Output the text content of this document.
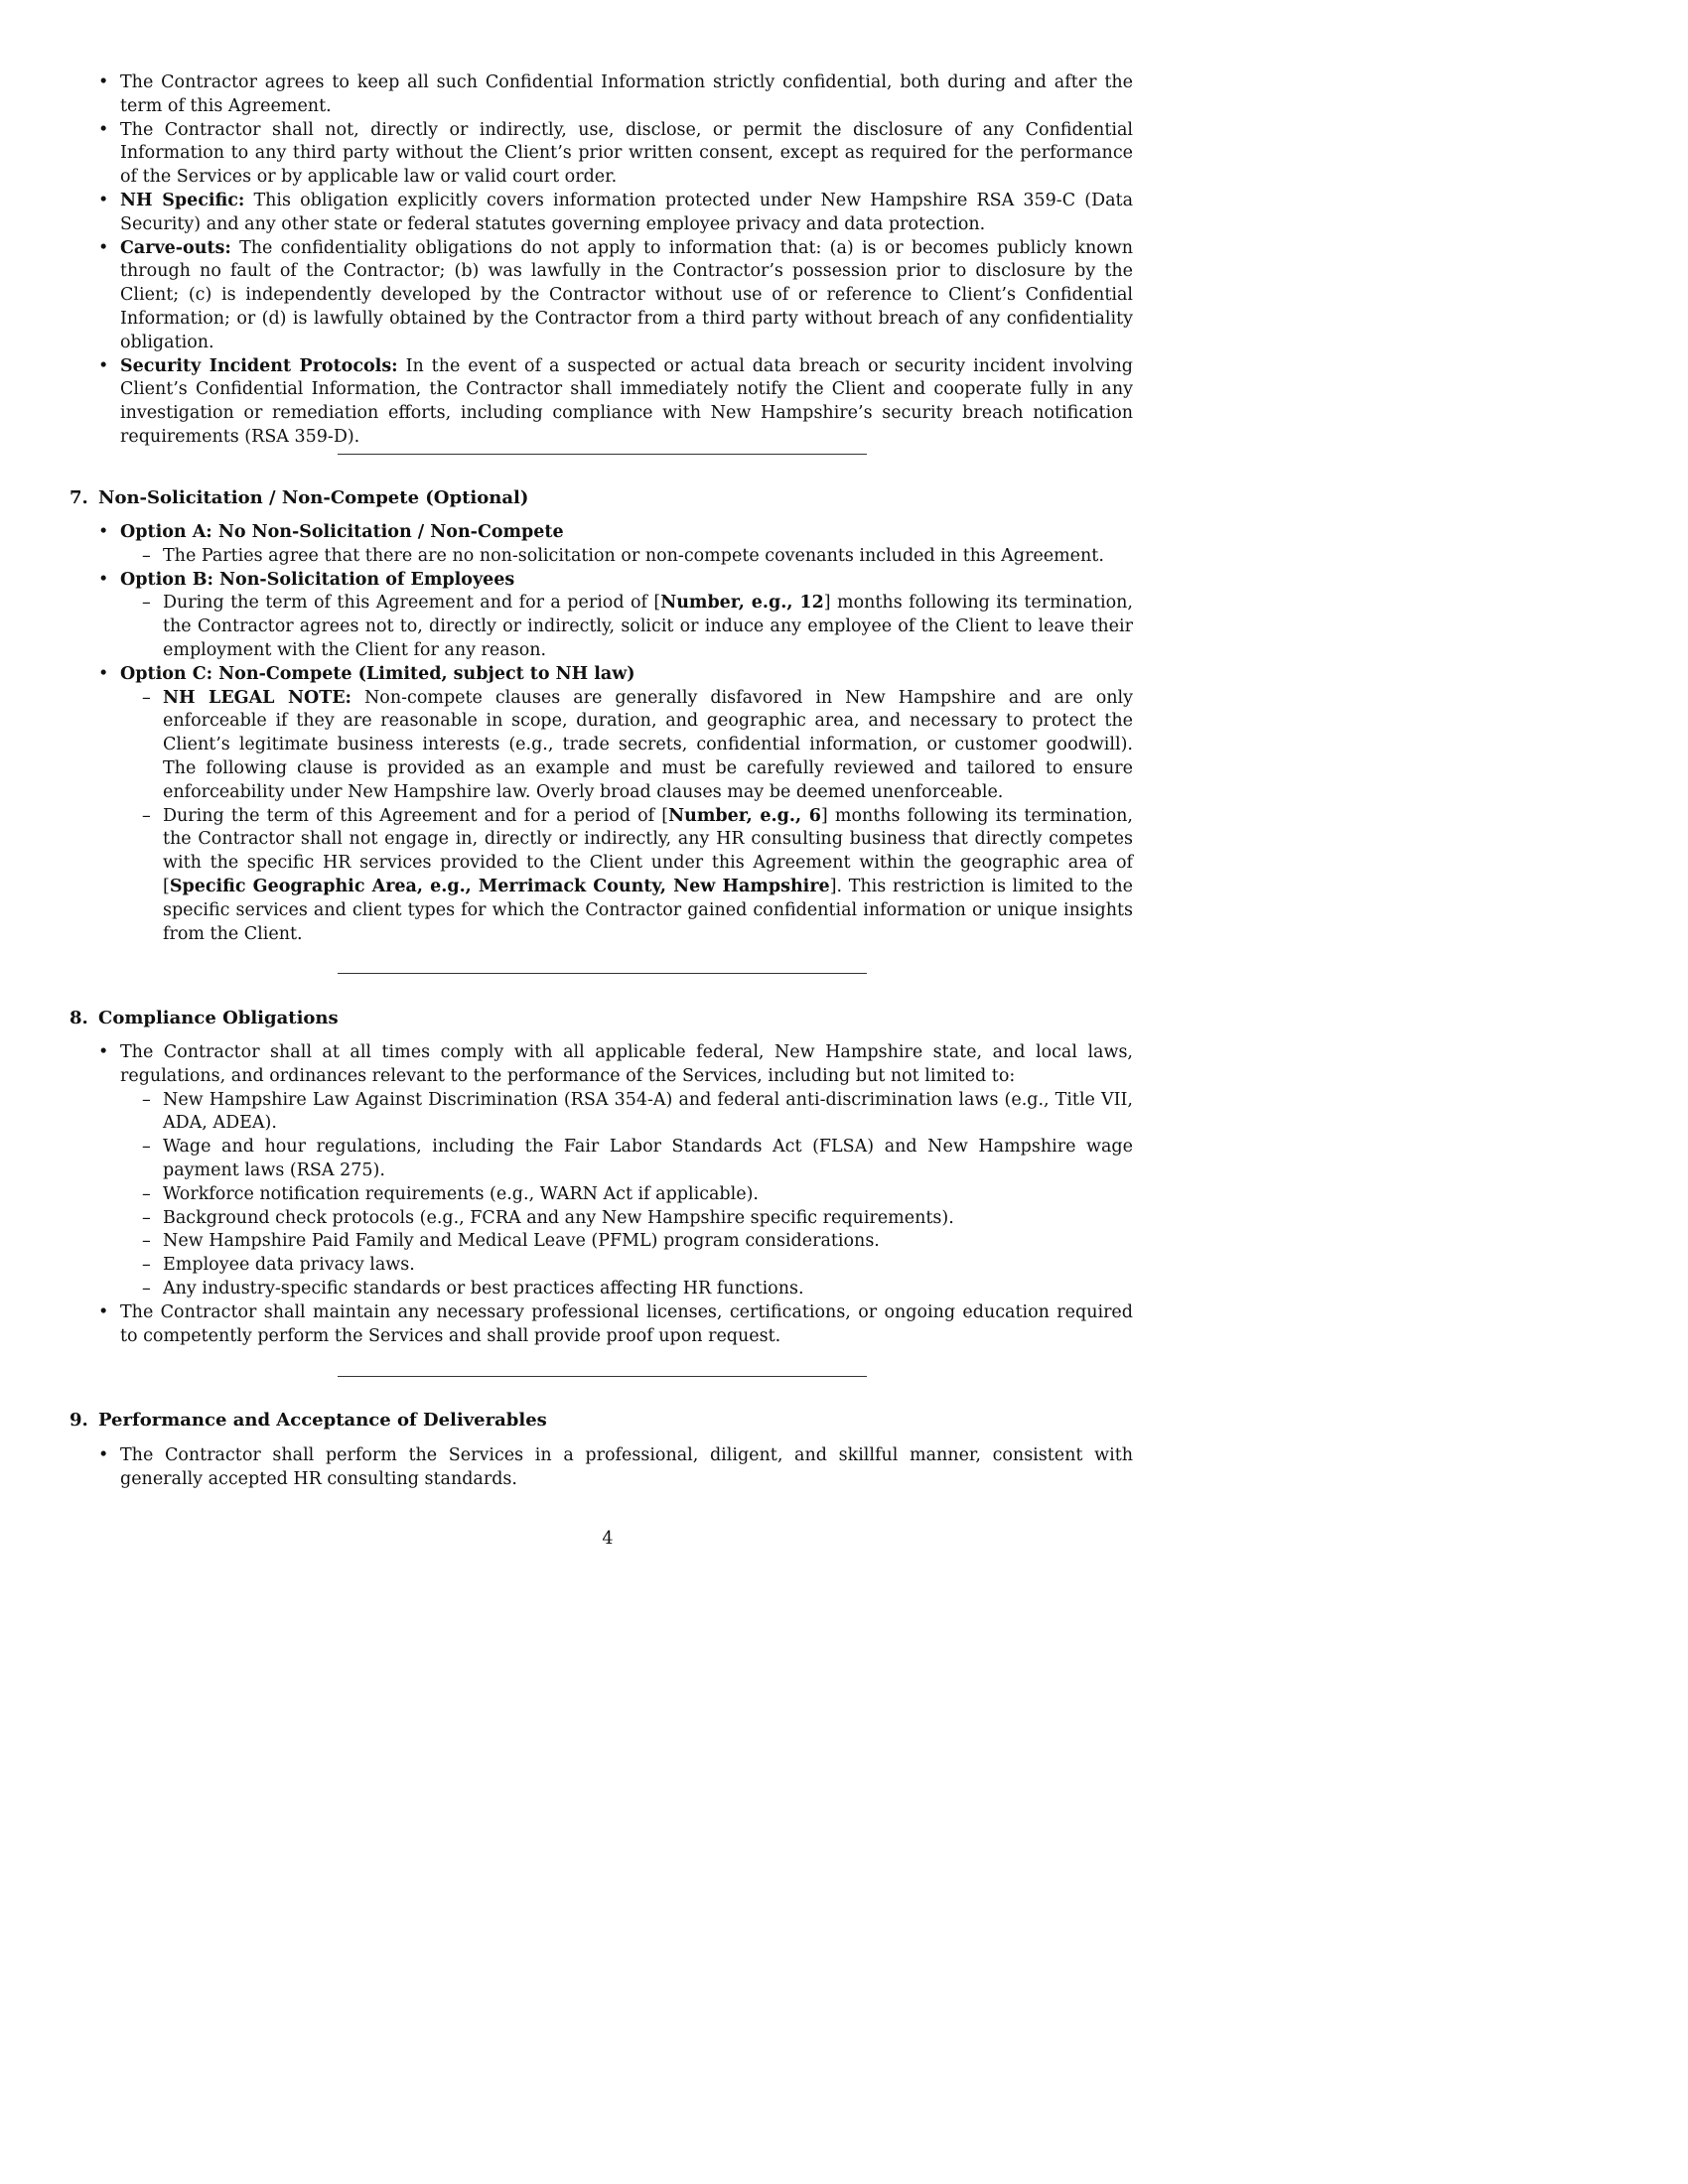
• The Contractor agrees to keep all such Confidential Information strictly confidential, both during and after the term of this Agreement.
• The Contractor shall not, directly or indirectly, use, disclose, or permit the disclosure of any Confidential Information to any third party without the Client’s prior written consent, except as required for the performance of the Services or by applicable law or valid court order.
• NH Specific: This obligation explicitly covers information protected under New Hampshire RSA 359-C (Data Security) and any other state or federal statutes governing employee privacy and data protection.
• Carve-outs: The confidentiality obligations do not apply to information that: (a) is or becomes publicly known through no fault of the Contractor; (b) was lawfully in the Contractor’s possession prior to disclosure by the Client; (c) is independently developed by the Contractor without use of or reference to Client’s Confidential Information; or (d) is lawfully obtained by the Contractor from a third party without breach of any confidentiality obligation.
• Security Incident Protocols: In the event of a suspected or actual data breach or security incident involving Client’s Confidential Information, the Contractor shall immediately notify the Client and cooperate fully in any investigation or remediation efforts, including compliance with New Hampshire’s security breach notification requirements (RSA 359-D).
7. Non-Solicitation / Non-Compete (Optional)
• Option A: No Non-Solicitation / Non-Compete
– The Parties agree that there are no non-solicitation or non-compete covenants included in this Agreement.
• Option B: Non-Solicitation of Employees
– During the term of this Agreement and for a period of [Number, e.g., 12] months following its termination, the Contractor agrees not to, directly or indirectly, solicit or induce any employee of the Client to leave their employment with the Client for any reason.
• Option C: Non-Compete (Limited, subject to NH law)
– NH LEGAL NOTE: Non-compete clauses are generally disfavored in New Hampshire and are only enforceable if they are reasonable in scope, duration, and geographic area, and necessary to protect the Client’s legitimate business interests (e.g., trade secrets, confidential information, or customer goodwill). The following clause is provided as an example and must be carefully reviewed and tailored to ensure enforceability under New Hampshire law. Overly broad clauses may be deemed unenforceable.
– During the term of this Agreement and for a period of [Number, e.g., 6] months following its termination, the Contractor shall not engage in, directly or indirectly, any HR consulting business that directly competes with the specific HR services provided to the Client under this Agreement within the geographic area of [Specific Geographic Area, e.g., Merrimack County, New Hampshire]. This restriction is limited to the specific services and client types for which the Contractor gained confidential information or unique insights from the Client.
8. Compliance Obligations
• The Contractor shall at all times comply with all applicable federal, New Hampshire state, and local laws, regulations, and ordinances relevant to the performance of the Services, including but not limited to:
– New Hampshire Law Against Discrimination (RSA 354-A) and federal anti-discrimination laws (e.g., Title VII, ADA, ADEA).
– Wage and hour regulations, including the Fair Labor Standards Act (FLSA) and New Hampshire wage payment laws (RSA 275).
– Workforce notification requirements (e.g., WARN Act if applicable).
– Background check protocols (e.g., FCRA and any New Hampshire specific requirements).
– New Hampshire Paid Family and Medical Leave (PFML) program considerations.
– Employee data privacy laws.
– Any industry-specific standards or best practices affecting HR functions.
• The Contractor shall maintain any necessary professional licenses, certifications, or ongoing education required to competently perform the Services and shall provide proof upon request.
9. Performance and Acceptance of Deliverables
• The Contractor shall perform the Services in a professional, diligent, and skillful manner, consistent with generally accepted HR consulting standards.
4
